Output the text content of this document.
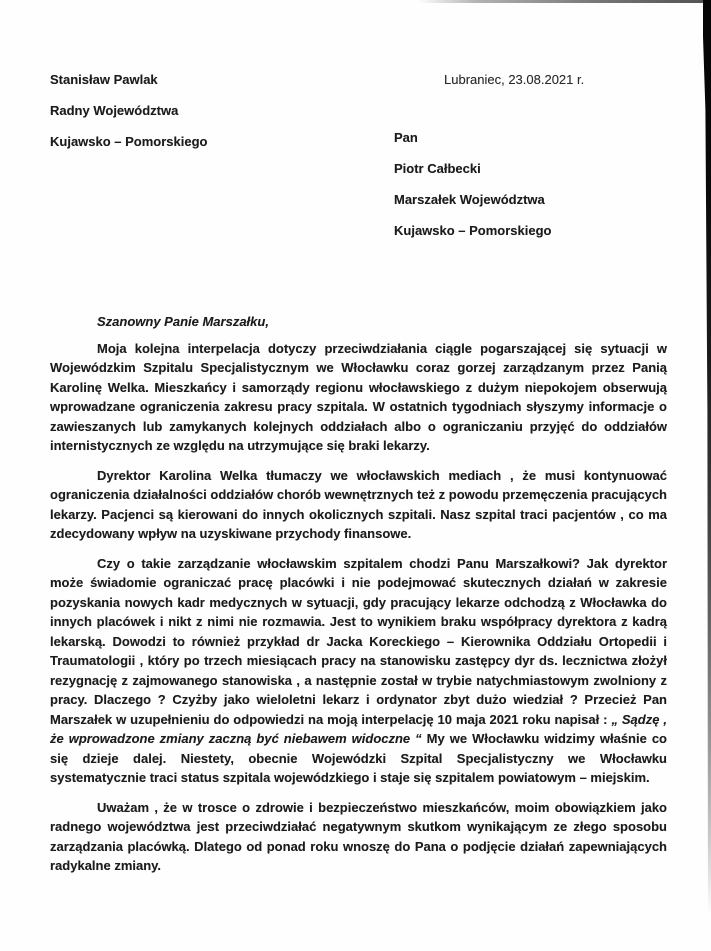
Stanisław Pawlak
Radny Województwa
Kujawsko – Pomorskiego
Lubraniec, 23.08.2021 r.
Pan
Piotr Całbecki
Marszałek Województwa
Kujawsko – Pomorskiego
Szanowny Panie Marszałku,
Moja kolejna interpelacja dotyczy przeciwdziałania ciągle pogarszającej się sytuacji w Wojewódzkim Szpitalu Specjalistycznym we Włocławku coraz gorzej zarządzanym przez Panią Karolinę Welka. Mieszkańcy i samorządy regionu włocławskiego z dużym niepokojem obserwują wprowadzane ograniczenia zakresu pracy szpitala. W ostatnich tygodniach słyszymy informacje o zawieszanych lub zamykanych kolejnych oddziałach albo o ograniczaniu przyjęć do oddziałów internistycznych ze względu na utrzymujące się braki lekarzy.
Dyrektor Karolina Welka tłumaczy we włocławskich mediach , że musi kontynuować ograniczenia działalności oddziałów chorób wewnętrznych też z powodu przemęczenia pracujących lekarzy. Pacjenci są kierowani do innych okolicznych szpitali. Nasz szpital traci pacjentów , co ma zdecydowany wpływ na uzyskiwane przychody finansowe.
Czy o takie zarządzanie włocławskim szpitalem chodzi Panu Marszałkowi? Jak dyrektor może świadomie ograniczać pracę placówki i nie podejmować skutecznych działań w zakresie pozyskania nowych kadr medycznych w sytuacji, gdy pracujący lekarze odchodzą z Włocławka do innych placówek i nikt z nimi nie rozmawia. Jest to wynikiem braku współpracy dyrektora z kadrą lekarską. Dowodzi to również przykład dr Jacka Koreckiego – Kierownika Oddziału Ortopedii i Traumatologii , który po trzech miesiącach pracy na stanowisku zastępcy dyr ds. lecznictwa złożył rezygnację z zajmowanego stanowiska , a następnie został w trybie natychmiastowym zwolniony z pracy. Dlaczego ? Czyżby jako wieloletni lekarz i ordynator zbyt dużo wiedział ? Przecież Pan Marszałek w uzupełnieniu do odpowiedzi na moją interpelację 10 maja 2021 roku napisał : „ Sądzę , że wprowadzone zmiany zaczną być niebawem widoczne “ My we Włocławku widzimy właśnie co się dzieje dalej. Niestety, obecnie Wojewódzki Szpital Specjalistyczny we Włocławku systematycznie traci status szpitala wojewódzkiego i staje się szpitalem powiatowym – miejskim.
Uważam , że w trosce o zdrowie i bezpieczeństwo mieszkańców, moim obowiązkiem jako radnego województwa jest przeciwdziałać negatywnym skutkom wynikającym ze złego sposobu zarządzania placówką. Dlatego od ponad roku wnoszę do Pana o podjęcie działań zapewniających radykalne zmiany.
